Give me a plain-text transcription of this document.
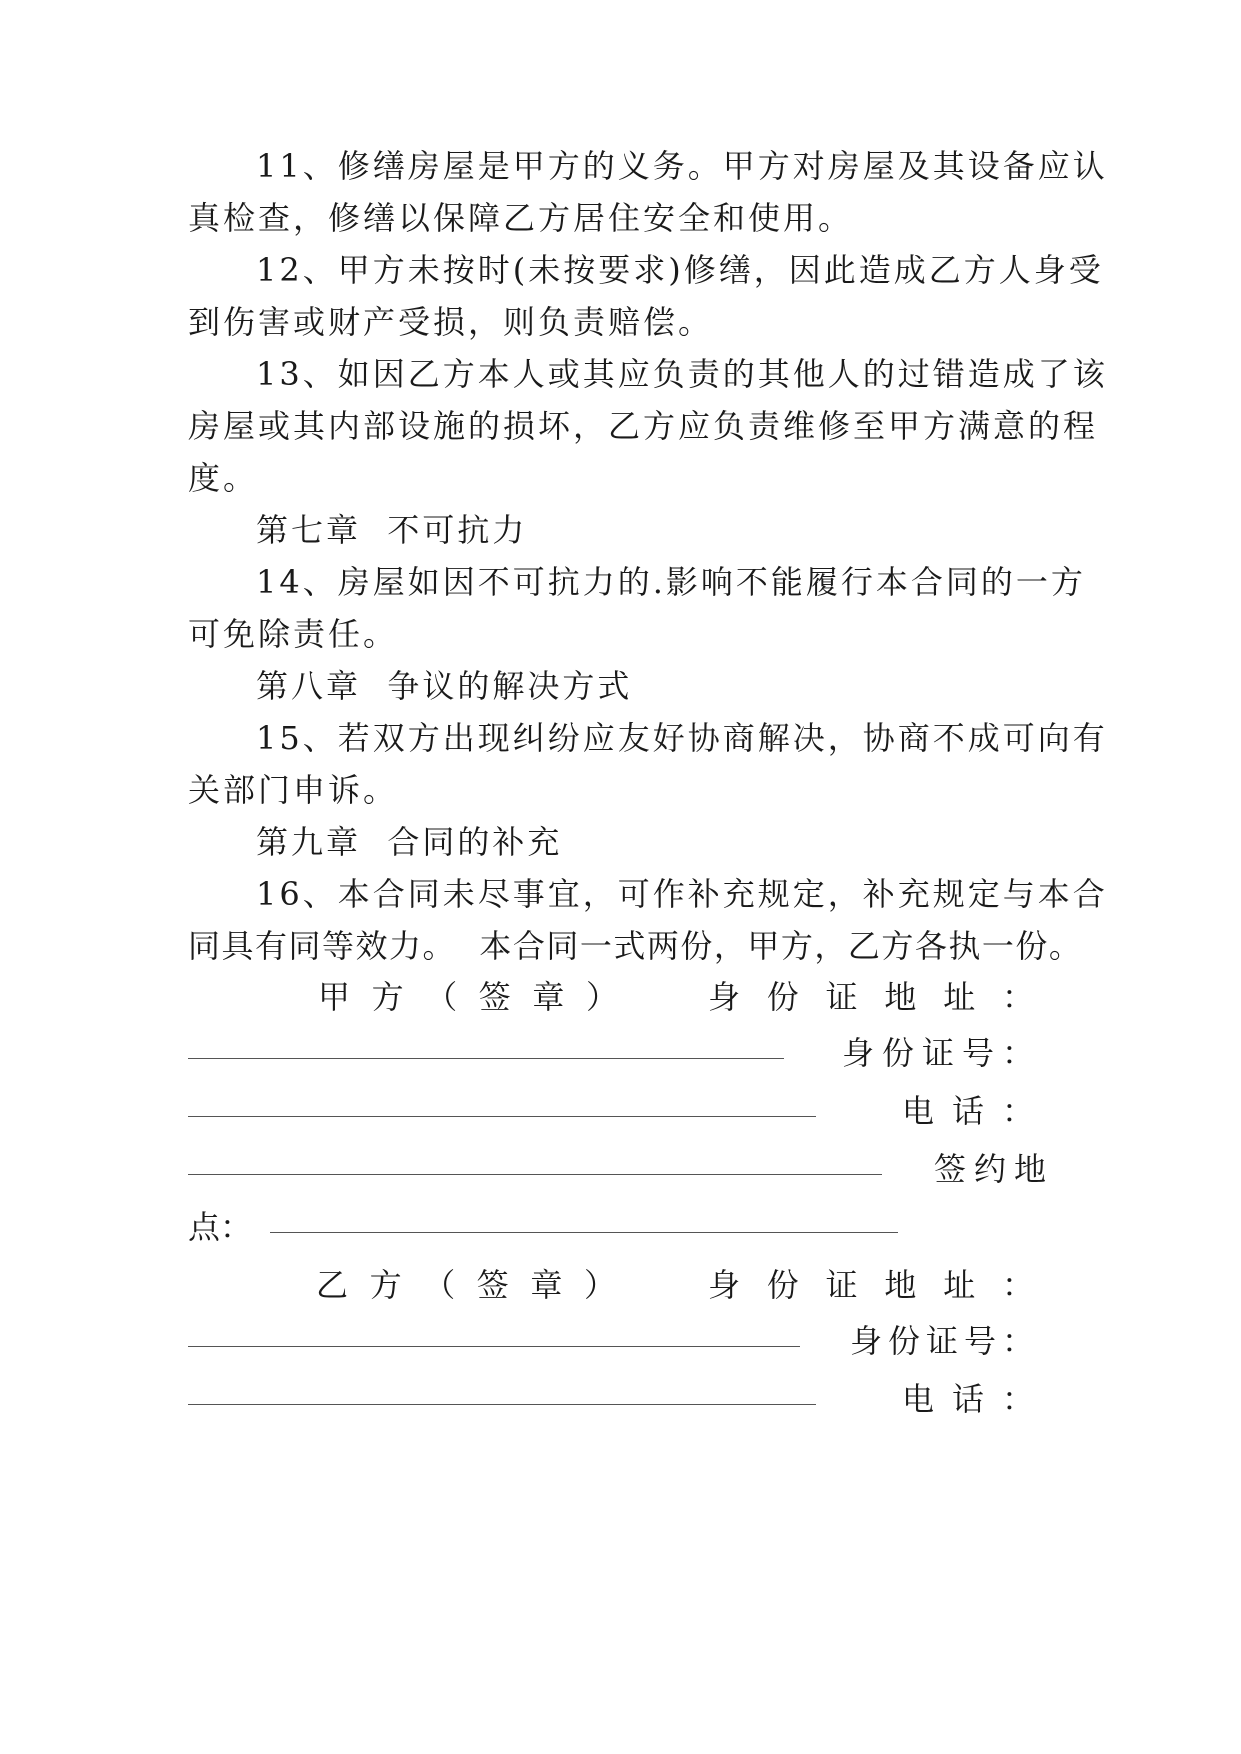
11、修缮房屋是甲方的义务。甲方对房屋及其设备应认
真检查，修缮以保障乙方居住安全和使用。
12、甲方未按时(未按要求)修缮，因此造成乙方人身受
到伤害或财产受损，则负责赔偿。
13、如因乙方本人或其应负责的其他人的过错造成了该
房屋或其内部设施的损坏，乙方应负责维修至甲方满意的程
度。
第七章  不可抗力
14、房屋如因不可抗力的.影响不能履行本合同的一方
可免除责任。
第八章  争议的解决方式
15、若双方出现纠纷应友好协商解决，协商不成可向有
关部门申诉。
第九章  合同的补充
16、本合同未尽事宜，可作补充规定，补充规定与本合
同具有同等效力。  本合同一式两份，甲方，乙方各执一份。
甲方（签章）	身份证地址：
身份证号：
电话：
签约地
点：
乙方（签章）	身份证地址：
身份证号：
电话：
